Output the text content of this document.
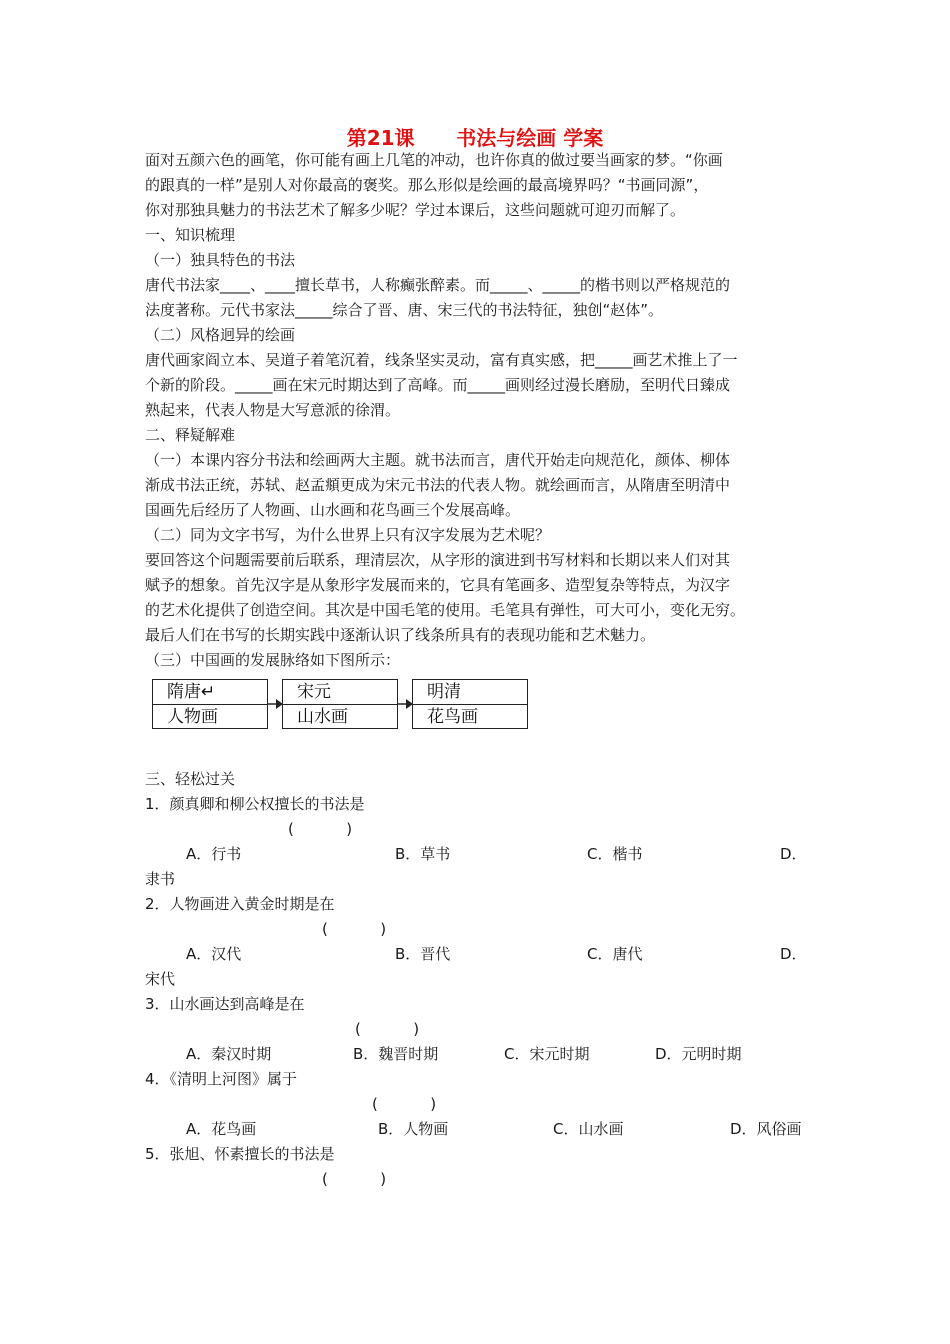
第21课      书法与绘画 学案
面对五颜六色的画笔，你可能有画上几笔的冲动，也许你真的做过要当画家的梦。“你画
的跟真的一样”是别人对你最高的褒奖。那么形似是绘画的最高境界吗？“书画同源”，
你对那独具魅力的书法艺术了解多少呢？学过本课后，这些问题就可迎刃而解了。
一、知识梳理
（一）独具特色的书法
唐代书法家____、____擅长草书，人称癫张醉素。而_____、_____的楷书则以严格规范的
法度著称。元代书家法_____综合了晋、唐、宋三代的书法特征，独创“赵体”。
（二）风格迥异的绘画
唐代画家阎立本、吴道子着笔沉着，线条坚实灵动，富有真实感，把_____画艺术推上了一
个新的阶段。_____画在宋元时期达到了高峰。而_____画则经过漫长磨励，至明代日臻成
熟起来，代表人物是大写意派的徐渭。
二、释疑解难
（一）本课内容分书法和绘画两大主题。就书法而言，唐代开始走向规范化，颜体、柳体
渐成书法正统，苏轼、赵孟頫更成为宋元书法的代表人物。就绘画而言，从隋唐至明清中
国画先后经历了人物画、山水画和花鸟画三个发展高峰。
（二）同为文字书写，为什么世界上只有汉字发展为艺术呢？
要回答这个问题需要前后联系，理清层次，从字形的演进到书写材料和长期以来人们对其
赋予的想象。首先汉字是从象形字发展而来的，它具有笔画多、造型复杂等特点，为汉字
的艺术化提供了创造空间。其次是中国毛笔的使用。毛笔具有弹性，可大可小，变化无穷。
最后人们在书写的长期实践中逐渐认识了线条所具有的表现功能和艺术魅力。
（三）中国画的发展脉络如下图所示：
隋唐↵
人物画
宋元
山水画
明清
花鸟画
三、轻松过关
1．颜真卿和柳公权擅长的书法是
(           )
A．行书	B．草书	C．楷书	D．
隶书
2．人物画进入黄金时期是在
(           )
A．汉代	B．晋代	C．唐代	D．
宋代
3．山水画达到高峰是在
(           )
A．秦汉时期	B．魏晋时期	C．宋元时期	D．元明时期
4．《清明上河图》属于
(           )
A．花鸟画	B．人物画	C．山水画	D．风俗画
5．张旭、怀素擅长的书法是
(           )
